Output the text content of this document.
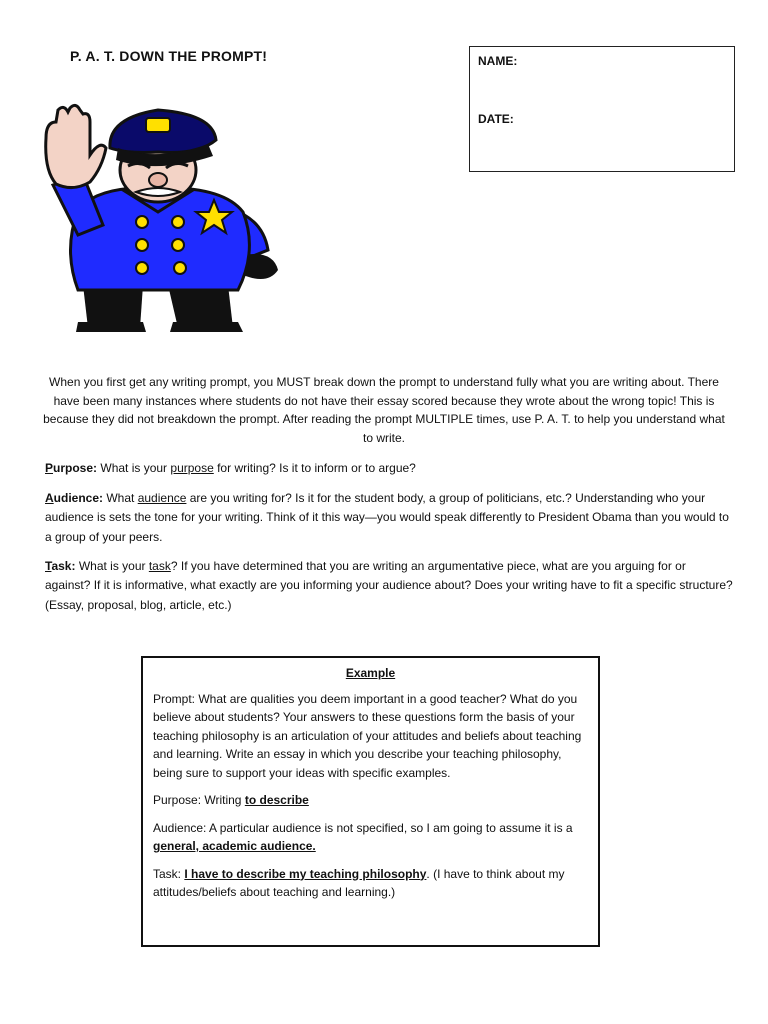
P. A. T. DOWN THE PROMPT!	NAME:
DATE:
When you first get any writing prompt, you MUST break down the prompt to understand fully what you are writing about. There have been many instances where students do not have their essay scored because they wrote about the wrong topic! This is because they did not breakdown the prompt. After reading the prompt MULTIPLE times, use P. A. T. to help you understand what to write.
Purpose: What is your purpose for writing? Is it to inform or to argue?
Audience: What audience are you writing for? Is it for the student body, a group of politicians, etc.? Understanding who your audience is sets the tone for your writing. Think of it this way—you would speak differently to President Obama than you would to a group of your peers.
Task: What is your task? If you have determined that you are writing an argumentative piece, what are you arguing for or against? If it is informative, what exactly are you informing your audience about? Does your writing have to fit a specific structure? (Essay, proposal, blog, article, etc.)
Example

Prompt: What are qualities you deem important in a good teacher? What do you believe about students? Your answers to these questions form the basis of your teaching philosophy is an articulation of your attitudes and beliefs about teaching and learning. Write an essay in which you describe your teaching philosophy, being sure to support your ideas with specific examples.

Purpose: Writing to describe

Audience: A particular audience is not specified, so I am going to assume it is a general, academic audience.

Task: I have to describe my teaching philosophy. (I have to think about my attitudes/beliefs about teaching and learning.)
